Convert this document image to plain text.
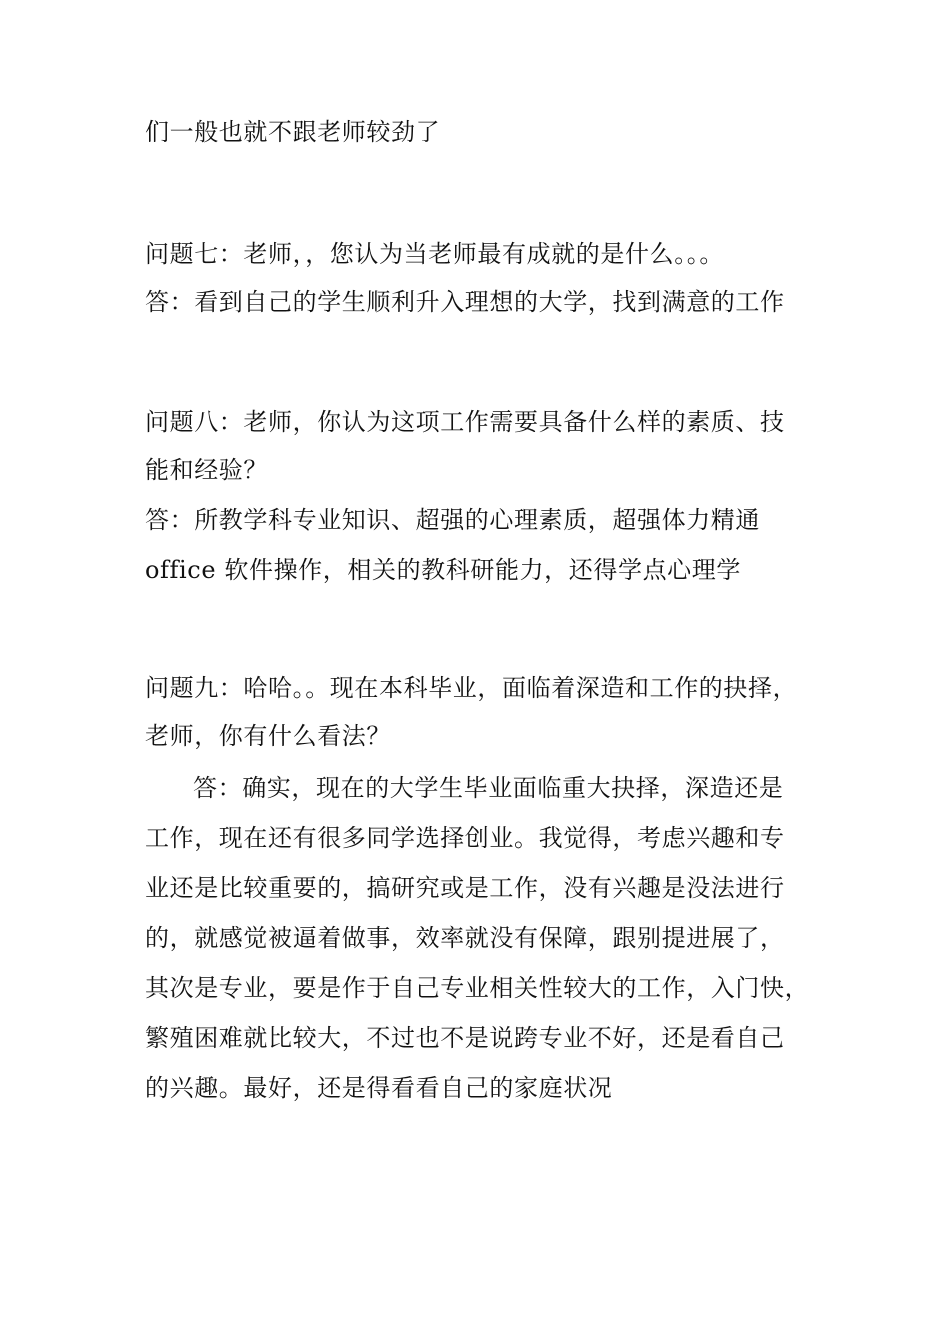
们一般也就不跟老师较劲了
问题七：老师，，您认为当老师最有成就的是什么。。。
答：看到自己的学生顺利升入理想的大学，找到满意的工作
问题八：老师，你认为这项工作需要具备什么样的素质、技
能和经验？
答：所教学科专业知识、超强的心理素质，超强体力精通
office 软件操作，相关的教科研能力，还得学点心理学
问题九：哈哈。。现在本科毕业，面临着深造和工作的抉择，
老师，你有什么看法？
答：确实，现在的大学生毕业面临重大抉择，深造还是
工作，现在还有很多同学选择创业。我觉得，考虑兴趣和专
业还是比较重要的，搞研究或是工作，没有兴趣是没法进行
的，就感觉被逼着做事，效率就没有保障，跟别提进展了，
其次是专业，要是作于自己专业相关性较大的工作，入门快，
繁殖困难就比较大，不过也不是说跨专业不好，还是看自己
的兴趣。最好，还是得看看自己的家庭状况
